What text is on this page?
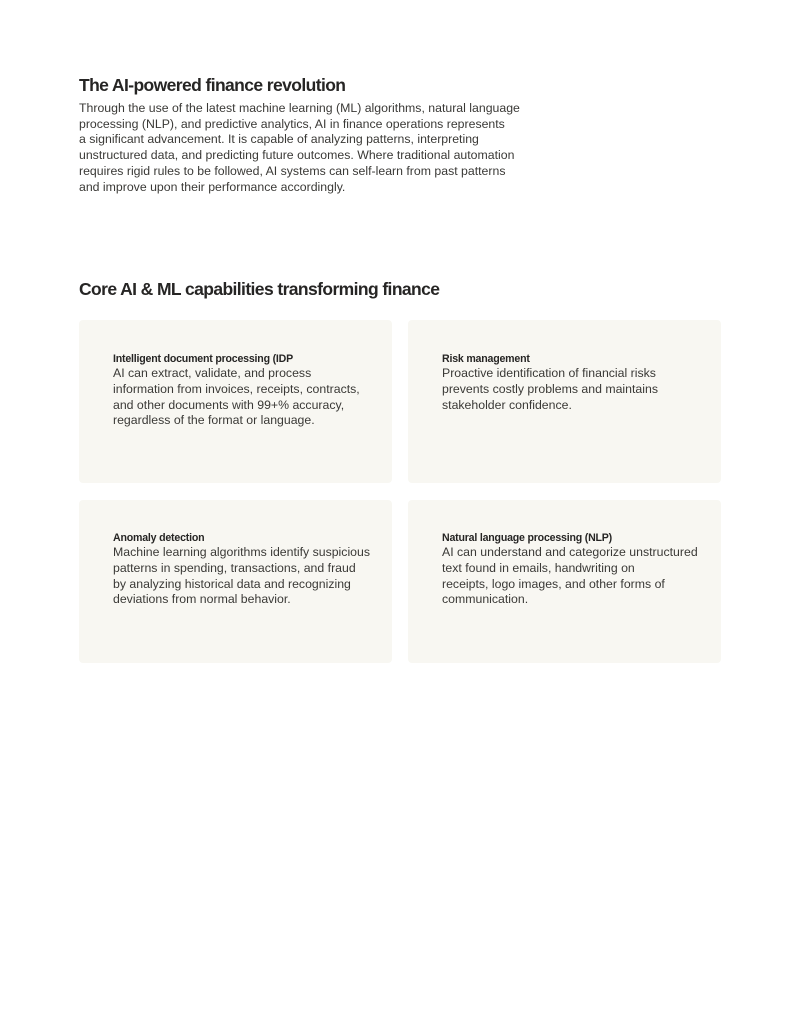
The AI-powered finance revolution

Through the use of the latest machine learning (ML) algorithms, natural language
processing (NLP), and predictive analytics, AI in finance operations represents
a significant advancement. It is capable of analyzing patterns, interpreting
unstructured data, and predicting future outcomes. Where traditional automation
requires rigid rules to be followed, AI systems can self-learn from past patterns
and improve upon their performance accordingly.

Core AI & ML capabilities transforming finance
Intelligent document processing (IDP

AI can extract, validate, and process
information from invoices, receipts, contracts,
and other documents with 99+% accuracy,
regardless of the format or language.

Risk management

Proactive identification of financial risks
prevents costly problems and maintains
stakeholder confidence.

Anomaly detection

Machine learning algorithms identify suspicious
patterns in spending, transactions, and fraud
by analyzing historical data and recognizing
deviations from normal behavior.

Natural language processing (NLP)

AI can understand and categorize unstructured
text found in emails, handwriting on
receipts, logo images, and other forms of
communication.
